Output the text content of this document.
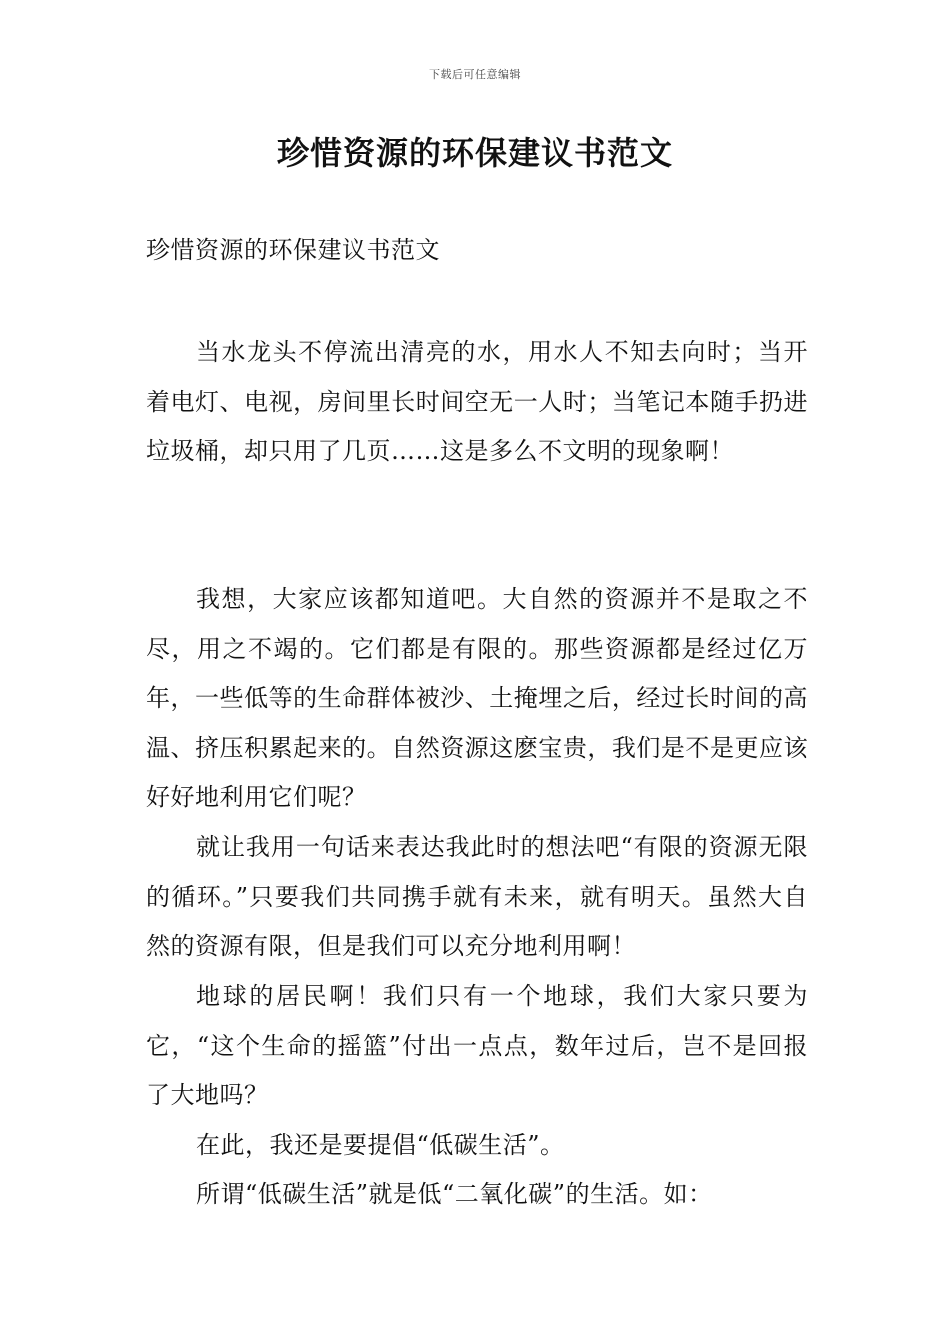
下载后可任意编辑
珍惜资源的环保建议书范文

珍惜资源的环保建议书范文

当水龙头不停流出清亮的水，用水人不知去向时；当开着电灯、电视，房间里长时间空无一人时；当笔记本随手扔进垃圾桶，却只用了几页……这是多么不文明的现象啊！

我想，大家应该都知道吧。大自然的资源并不是取之不尽，用之不竭的。它们都是有限的。那些资源都是经过亿万年，一些低等的生命群体被沙、土掩埋之后，经过长时间的高温、挤压积累起来的。自然资源这麽宝贵，我们是不是更应该好好地利用它们呢？

就让我用一句话来表达我此时的想法吧“有限的资源无限的循环。”只要我们共同携手就有未来，就有明天。虽然大自然的资源有限，但是我们可以充分地利用啊！

地球的居民啊！我们只有一个地球，我们大家只要为它，“这个生命的摇篮”付出一点点，数年过后，岂不是回报了大地吗？

在此，我还是要提倡“低碳生活”。

所谓“低碳生活”就是低“二氧化碳”的生活。如：
